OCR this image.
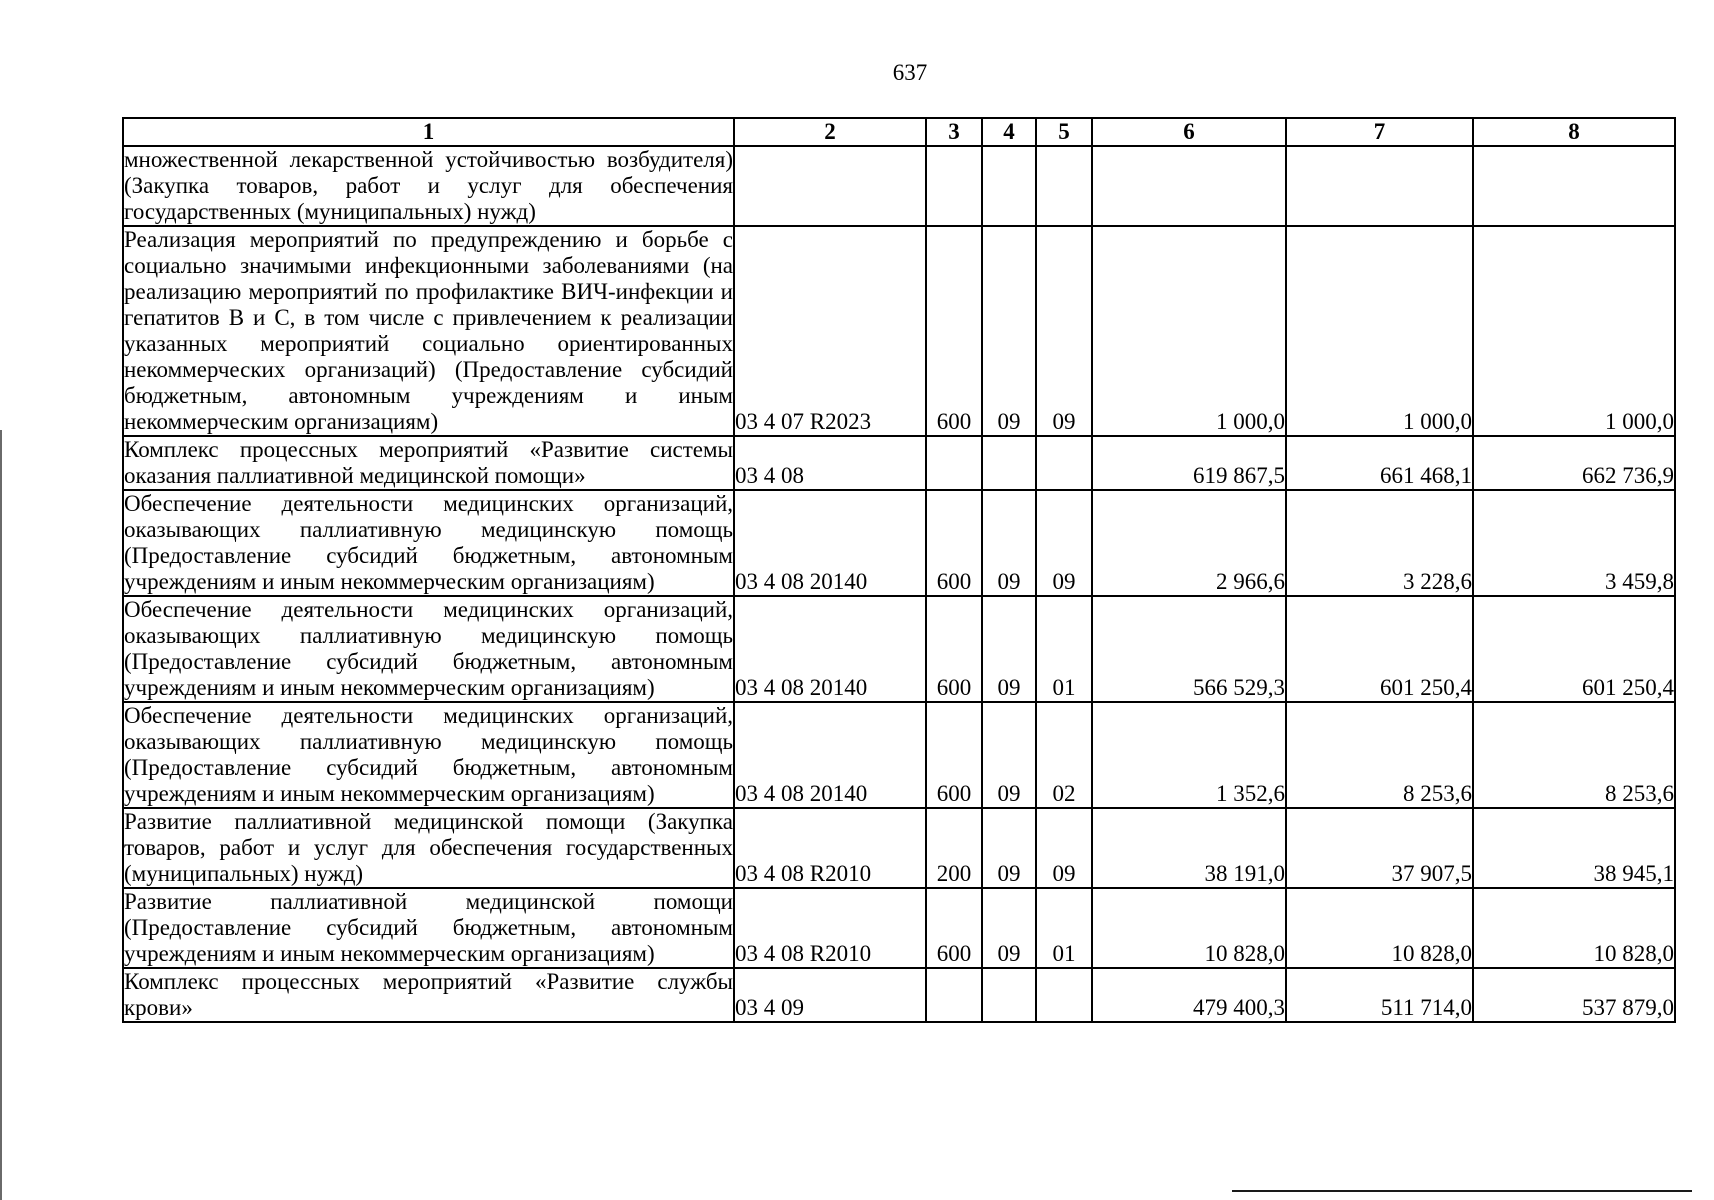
637
1	2	3	4	5	6	7	8
множественной лекарственной устойчивостью возбудителя) (Закупка товаров, работ и услуг для обеспечения государственных (муниципальных) нужд)							
Реализация мероприятий по предупреждению и борьбе с социально значимыми инфекционными заболеваниями (на реализацию мероприятий по профилактике ВИЧ-инфекции и гепатитов В и С, в том числе с привлечением к реализации указанных мероприятий социально ориентированных некоммерческих организаций) (Предоставление субсидий бюджетным, автономным учреждениям и иным некоммерческим организациям)	03 4 07 R2023	600	09	09	1 000,0	1 000,0	1 000,0
Комплекс процессных мероприятий «Развитие системы оказания паллиативной медицинской помощи»	03 4 08				619 867,5	661 468,1	662 736,9
Обеспечение деятельности медицинских организаций, оказывающих паллиативную медицинскую помощь (Предоставление субсидий бюджетным, автономным учреждениям и иным некоммерческим организациям)	03 4 08 20140	600	09	09	2 966,6	3 228,6	3 459,8
Обеспечение деятельности медицинских организаций, оказывающих паллиативную медицинскую помощь (Предоставление субсидий бюджетным, автономным учреждениям и иным некоммерческим организациям)	03 4 08 20140	600	09	01	566 529,3	601 250,4	601 250,4
Обеспечение деятельности медицинских организаций, оказывающих паллиативную медицинскую помощь (Предоставление субсидий бюджетным, автономным учреждениям и иным некоммерческим организациям)	03 4 08 20140	600	09	02	1 352,6	8 253,6	8 253,6
Развитие паллиативной медицинской помощи (Закупка товаров, работ и услуг для обеспечения государственных (муниципальных) нужд)	03 4 08 R2010	200	09	09	38 191,0	37 907,5	38 945,1
Развитие паллиативной медицинской помощи (Предоставление субсидий бюджетным, автономным учреждениям и иным некоммерческим организациям)	03 4 08 R2010	600	09	01	10 828,0	10 828,0	10 828,0
Комплекс процессных мероприятий «Развитие службы крови»	03 4 09				479 400,3	511 714,0	537 879,0
